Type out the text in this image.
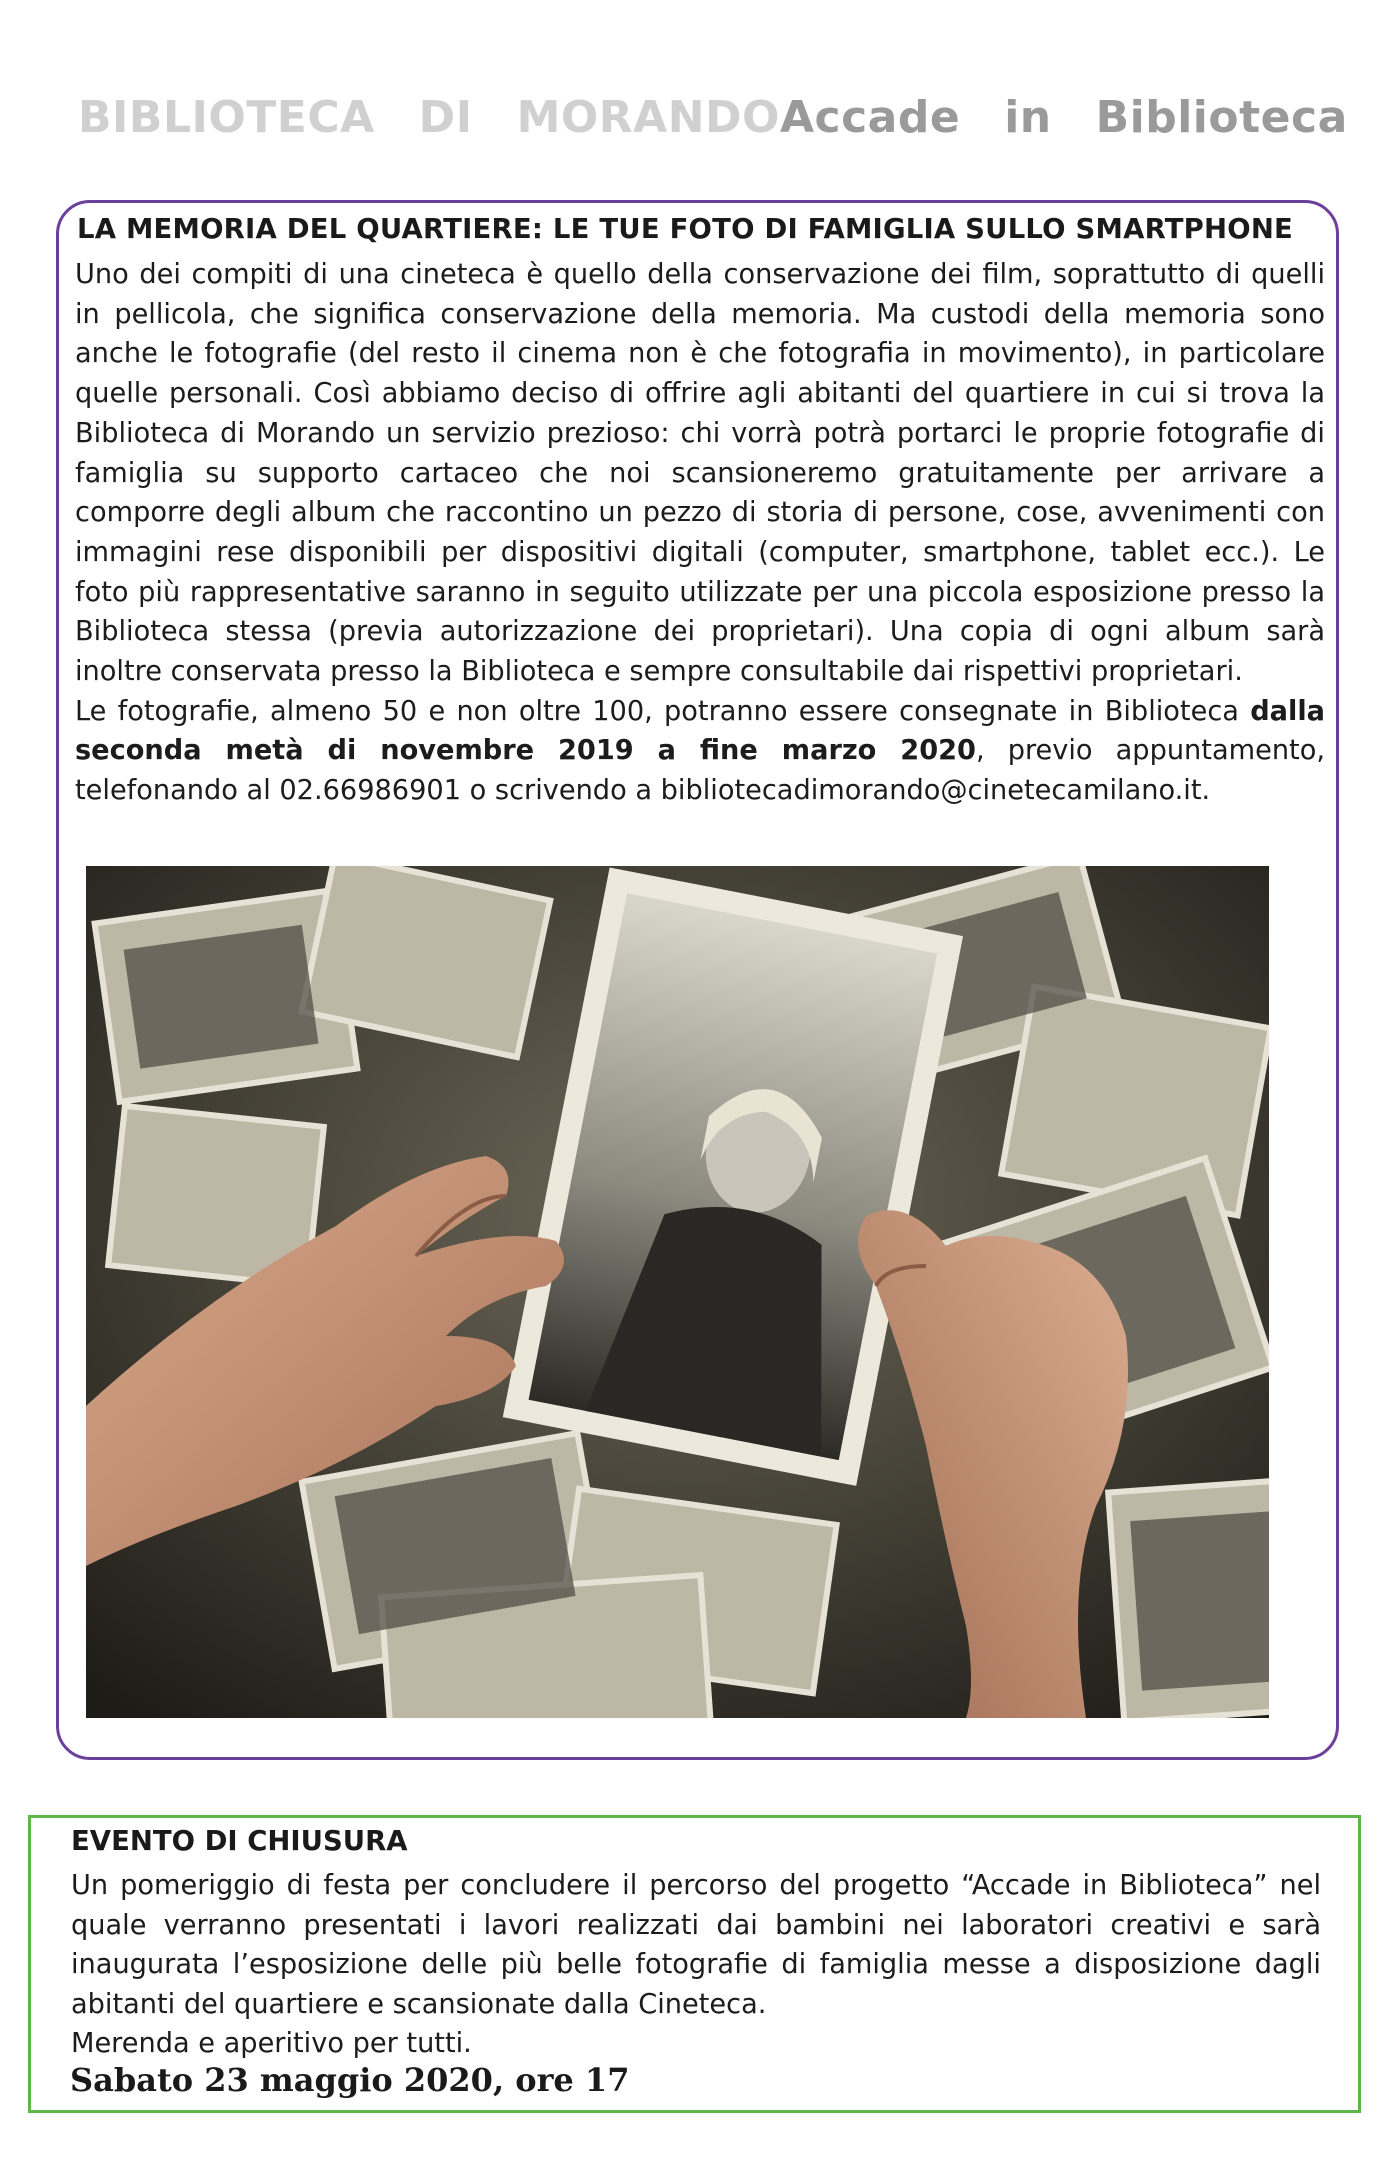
BIBLIOTECA DI MORANDO Accade in Biblioteca
LA MEMORIA DEL QUARTIERE: LE TUE FOTO DI FAMIGLIA SULLO SMARTPHONE

Uno dei compiti di una cineteca è quello della conservazione dei film, soprattutto di quelli in pellicola, che significa conservazione della memoria. Ma custodi della memoria sono anche le fotografie (del resto il cinema non è che fotografia in movimento), in particolare quelle personali. Così abbiamo deciso di offrire agli abitanti del quartiere in cui si trova la Biblioteca di Morando un servizio prezioso: chi vorrà potrà portarci le proprie fotografie di famiglia su supporto cartaceo che noi scansioneremo gratuitamente per arrivare a comporre degli album che raccontino un pezzo di storia di persone, cose, avvenimenti con immagini rese disponibili per dispositivi digitali (computer, smartphone, tablet ecc.). Le foto più rappresentative saranno in seguito utilizzate per una piccola esposizione presso la Biblioteca stessa (previa autorizzazione dei proprietari). Una copia di ogni album sarà inoltre conservata presso la Biblioteca e sempre consultabile dai rispettivi proprietari.

Le fotografie, almeno 50 e non oltre 100, potranno essere consegnate in Biblioteca dalla seconda metà di novembre 2019 a fine marzo 2020, previo appuntamento, telefonando al 02.66986901 o scrivendo a bibliotecadimorando@cinetecamilano.it.

EVENTO DI CHIUSURA
Un pomeriggio di festa per concludere il percorso del progetto “Accade in Biblioteca” nel quale verranno presentati i lavori realizzati dai bambini nei laboratori creativi e sarà inaugurata l’esposizione delle più belle fotografie di famiglia messe a disposizione dagli abitanti del quartiere e scansionate dalla Cineteca.
Merenda e aperitivo per tutti.
Sabato 23 maggio 2020, ore 17
